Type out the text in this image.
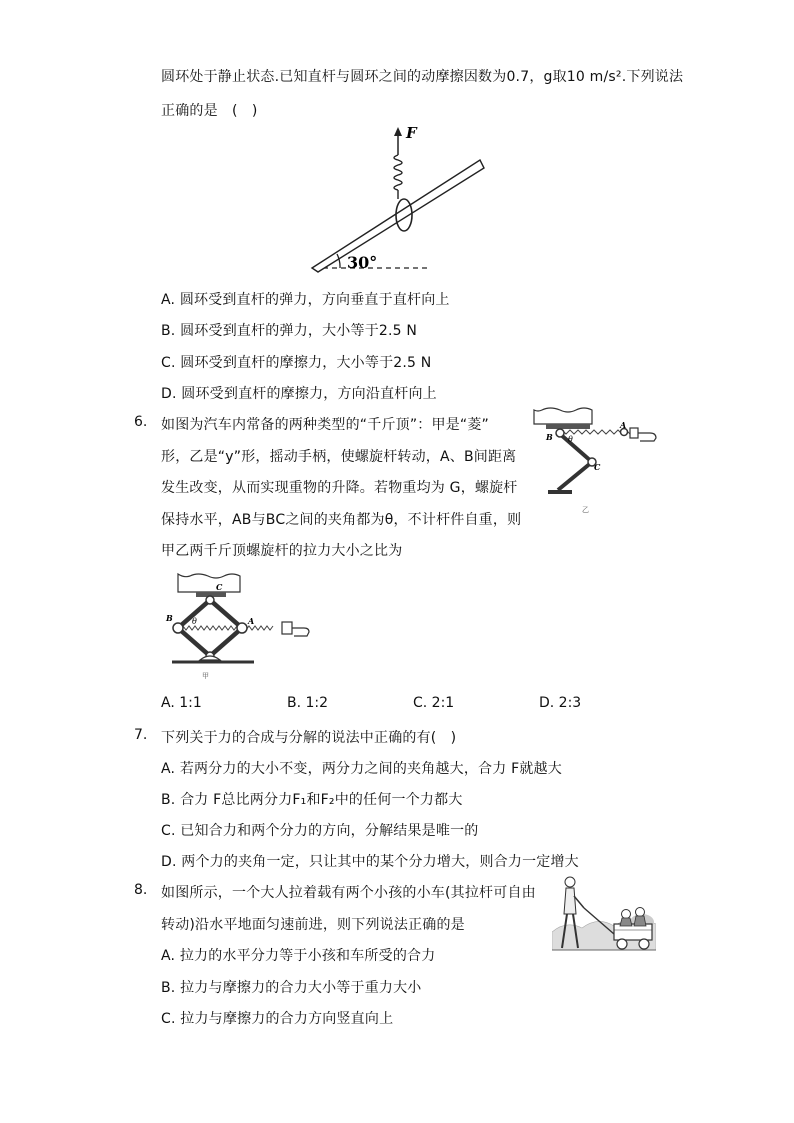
圆环处于静止状态.已知直杆与圆环之间的动摩擦因数为0.7，g取10 m/s².下列说法
正确的是　(　)
F
30°
A. 圆环受到直杆的弹力，方向垂直于直杆向上
B. 圆环受到直杆的弹力，大小等于2.5 N
C. 圆环受到直杆的摩擦力，大小等于2.5 N
D. 圆环受到直杆的摩擦力，方向沿直杆向上
6. 如图为汽车内常备的两种类型的“千斤顶”：甲是“菱”
形，乙是“y”形，摇动手柄，使螺旋杆转动，A、B间距离
发生改变，从而实现重物的升降。若物重均为 G，螺旋杆
保持水平，AB与BC之间的夹角都为θ，不计杆件自重，则
甲乙两千斤顶螺旋杆的拉力大小之比为
B θ
A
C
乙
B θ	A
C
甲
A. 1:1	B. 1:2	C. 2:1	D. 2:3
7. 下列关于力的合成与分解的说法中正确的有(　)
A. 若两分力的大小不变，两分力之间的夹角越大，合力 F就越大
B. 合力 F总比两分力F₁和F₂中的任何一个力都大
C. 已知合力和两个分力的方向，分解结果是唯一的
D. 两个力的夹角一定，只让其中的某个分力增大，则合力一定增大
8. 如图所示，一个大人拉着载有两个小孩的小车(其拉杆可自由
转动)沿水平地面匀速前进，则下列说法正确的是
A. 拉力的水平分力等于小孩和车所受的合力
B. 拉力与摩擦力的合力大小等于重力大小
C. 拉力与摩擦力的合力方向竖直向上
